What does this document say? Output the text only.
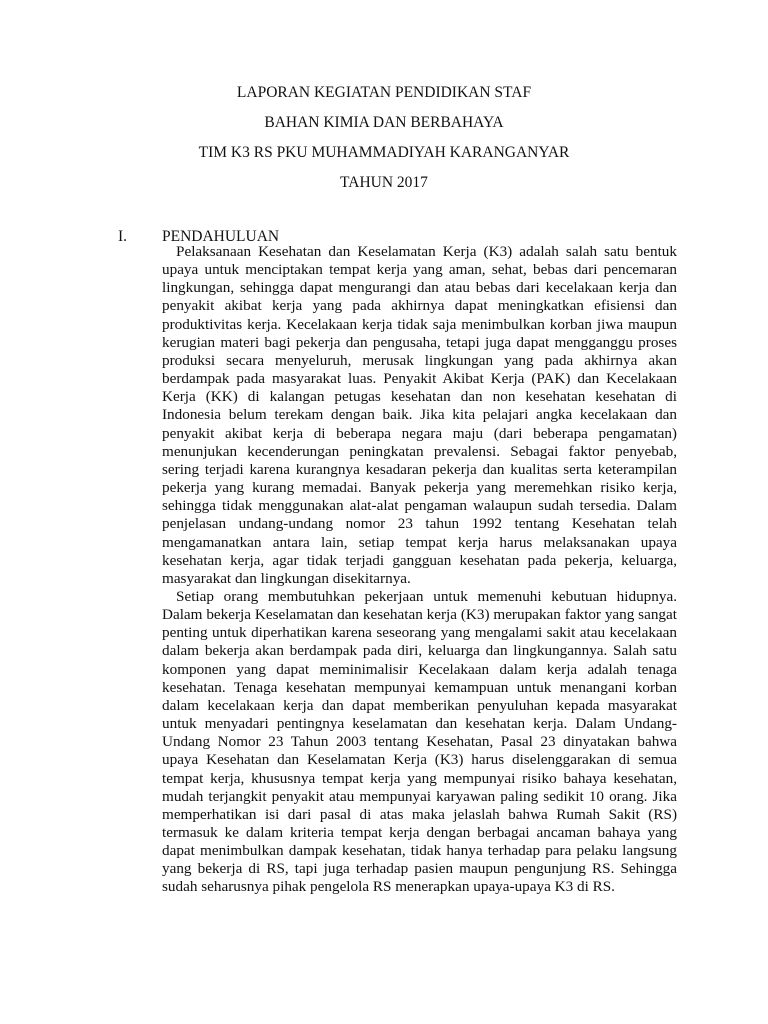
LAPORAN KEGIATAN PENDIDIKAN STAF

BAHAN KIMIA DAN BERBAHAYA

TIM K3 RS PKU MUHAMMADIYAH KARANGANYAR

TAHUN 2017

I. PENDAHULUAN

Pelaksanaan Kesehatan dan Keselamatan Kerja (K3) adalah salah satu bentuk upaya untuk menciptakan tempat kerja yang aman, sehat, bebas dari pencemaran lingkungan, sehingga dapat mengurangi dan atau bebas dari kecelakaan kerja dan penyakit akibat kerja yang pada akhirnya dapat meningkatkan efisiensi dan produktivitas kerja. Kecelakaan kerja tidak saja menimbulkan korban jiwa maupun kerugian materi bagi pekerja dan pengusaha, tetapi juga dapat mengganggu proses produksi secara menyeluruh, merusak lingkungan yang pada akhirnya akan berdampak pada masyarakat luas. Penyakit Akibat Kerja (PAK) dan Kecelakaan Kerja (KK) di kalangan petugas kesehatan dan non kesehatan kesehatan di Indonesia belum terekam dengan baik. Jika kita pelajari angka kecelakaan dan penyakit akibat kerja di beberapa negara maju (dari beberapa pengamatan) menunjukan kecenderungan peningkatan prevalensi. Sebagai faktor penyebab, sering terjadi karena kurangnya kesadaran pekerja dan kualitas serta keterampilan pekerja yang kurang memadai. Banyak pekerja yang meremehkan risiko kerja, sehingga tidak menggunakan alat-alat pengaman walaupun sudah tersedia. Dalam penjelasan undang-undang nomor 23 tahun 1992 tentang Kesehatan telah mengamanatkan antara lain, setiap tempat kerja harus melaksanakan upaya kesehatan kerja, agar tidak terjadi gangguan kesehatan pada pekerja, keluarga, masyarakat dan lingkungan disekitarnya.

Setiap orang membutuhkan pekerjaan untuk memenuhi kebutuan hidupnya. Dalam bekerja Keselamatan dan kesehatan kerja (K3) merupakan faktor yang sangat penting untuk diperhatikan karena seseorang yang mengalami sakit atau kecelakaan dalam bekerja akan berdampak pada diri, keluarga dan lingkungannya. Salah satu komponen yang dapat meminimalisir Kecelakaan dalam kerja adalah tenaga kesehatan. Tenaga kesehatan mempunyai kemampuan untuk menangani korban dalam kecelakaan kerja dan dapat memberikan penyuluhan kepada masyarakat untuk menyadari pentingnya keselamatan dan kesehatan kerja. Dalam Undang-Undang Nomor 23 Tahun 2003 tentang Kesehatan, Pasal 23 dinyatakan bahwa upaya Kesehatan dan Keselamatan Kerja (K3) harus diselenggarakan di semua tempat kerja, khususnya tempat kerja yang mempunyai risiko bahaya kesehatan, mudah terjangkit penyakit atau mempunyai karyawan paling sedikit 10 orang. Jika memperhatikan isi dari pasal di atas maka jelaslah bahwa Rumah Sakit (RS) termasuk ke dalam kriteria tempat kerja dengan berbagai ancaman bahaya yang dapat menimbulkan dampak kesehatan, tidak hanya terhadap para pelaku langsung yang bekerja di RS, tapi juga terhadap pasien maupun pengunjung RS. Sehingga sudah seharusnya pihak pengelola RS menerapkan upaya-upaya K3 di RS.
